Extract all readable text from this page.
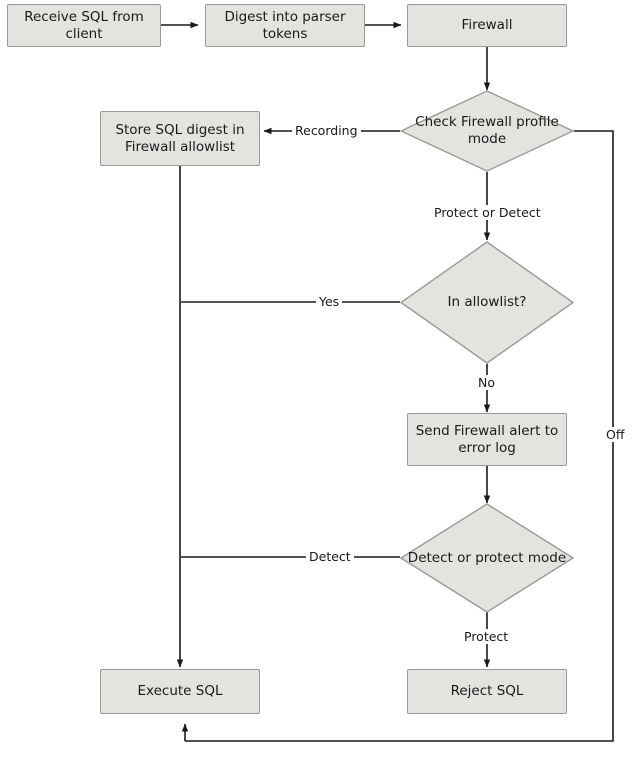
Receive SQL from client
Digest into parser tokens
Firewall
Check Firewall profile mode
Store SQL digest in Firewall allowlist
In allowlist?
Send Firewall alert to error log
Detect or protect mode
Execute SQL	Reject SQL
Recording
Off
Protect or Detect
Yes
No
Detect
Protect
